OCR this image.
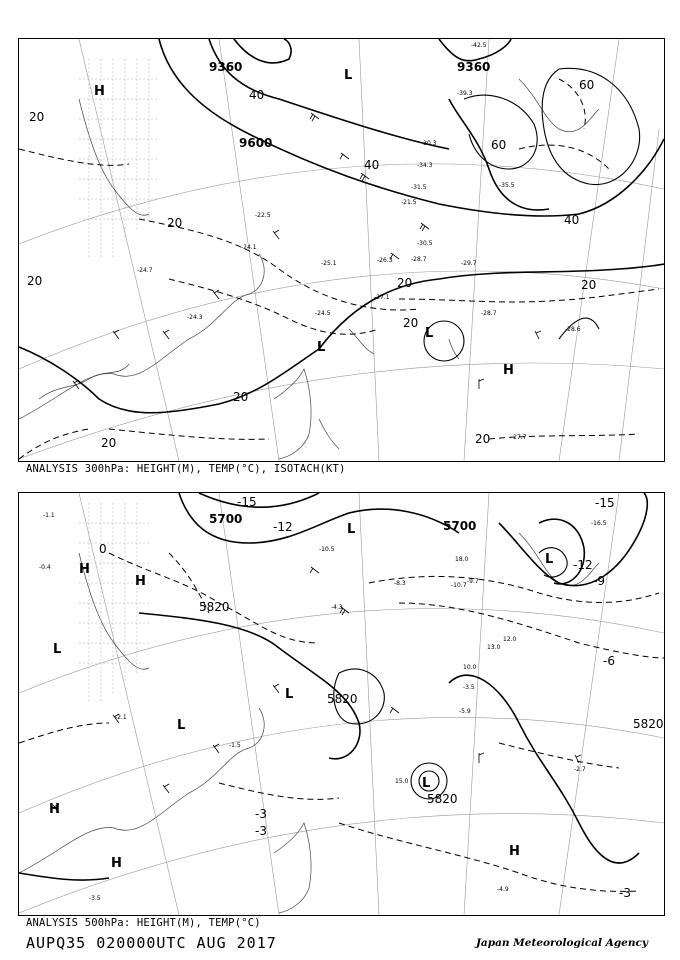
9360	9360
9600
20
20
20
20
20
20	20
20
20
40
40
40
60
60
H
H
L
L
L
-42.5
-39.3
-35.5
-34.3
-31.5
-30.5
-29.7
-28.7
-28.7
-27.1
-26.3
-25.1
-24.7
-24.5
-24.3
-24.1
-22.5
-21.5
-28.6
-27.7
-30.3
ANALYSIS 300hPa: HEIGHT(M), TEMP(°C), ISOTACH(KT)
5700	5700
5820
5820
5820
5820
-15	-15
-12
-12
-9
-6
-3
-3
-3
0
H
H
H
H
H
L
L
L
L
L
L	-16.5
-10.7
-10.5
-9.7
-8.3
-5.9
-4.3
-3.5
-2.7
-2.1
-1.5
-1.1
-0.4
-4.9
-3.5
18.0
15.0
13.0
12.0
10.0
ANALYSIS 500hPa: HEIGHT(M), TEMP(°C)
AUPQ35 020000UTC AUG 2017	Japan Meteorological Agency
